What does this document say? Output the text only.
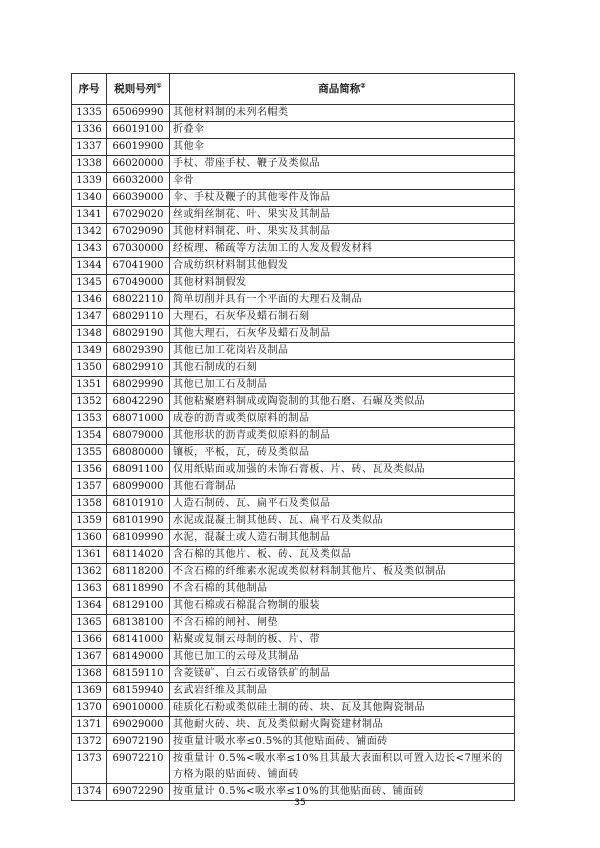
序号	税则号列①	商品简称②
1335	65069990	其他材料制的未列名帽类
1336	66019100	折叠伞
1337	66019900	其他伞
1338	66020000	手杖、带座手杖、鞭子及类似品
1339	66032000	伞骨
1340	66039000	伞、手杖及鞭子的其他零件及饰品
1341	67029020	丝或绢丝制花、叶、果实及其制品
1342	67029090	其他材料制花、叶、果实及其制品
1343	67030000	经梳理、稀疏等方法加工的人发及假发材料
1344	67041900	合成纺织材料制其他假发
1345	67049000	其他材料制假发
1346	68022110	简单切削并具有一个平面的大理石及制品
1347	68029110	大理石，石灰华及蜡石制石刻
1348	68029190	其他大理石，石灰华及蜡石及制品
1349	68029390	其他已加工花岗岩及制品
1350	68029910	其他石制成的石刻
1351	68029990	其他已加工石及制品
1352	68042290	其他粘聚磨料制成或陶瓷制的其他石磨、石碾及类似品
1353	68071000	成卷的沥青或类似原料的制品
1354	68079000	其他形状的沥青或类似原料的制品
1355	68080000	镶板，平板，瓦，砖及类似品
1356	68091100	仅用纸贴面或加强的未饰石膏板、片、砖、瓦及类似品
1357	68099000	其他石膏制品
1358	68101910	人造石制砖、瓦、扁平石及类似品
1359	68101990	水泥或混凝土制其他砖、瓦、扁平石及类似品
1360	68109990	水泥，混凝土或人造石制其他制品
1361	68114020	含石棉的其他片、板、砖、瓦及类似品
1362	68118200	不含石棉的纤维素水泥或类似材料制其他片、板及类似制品
1363	68118990	不含石棉的其他制品
1364	68129100	其他石棉或石棉混合物制的服装
1365	68138100	不含石棉的闸衬、闸垫
1366	68141000	粘聚或复制云母制的板、片、带
1367	68149000	其他已加工的云母及其制品
1368	68159110	含菱镁矿、白云石或铬铁矿的制品
1369	68159940	玄武岩纤维及其制品
1370	69010000	硅质化石粉或类似硅土制的砖、块、瓦及其他陶瓷制品
1371	69029000	其他耐火砖、块、瓦及类似耐火陶瓷建材制品
1372	69072190	按重量计吸水率≤0.5%的其他贴面砖、铺面砖
1373	69072210	按重量计 0.5%<吸水率≤10%且其最大表面积以可置入边长<7厘米的方格为限的贴面砖、铺面砖
1374	69072290	按重量计 0.5%<吸水率≤10%的其他贴面砖、铺面砖
35
